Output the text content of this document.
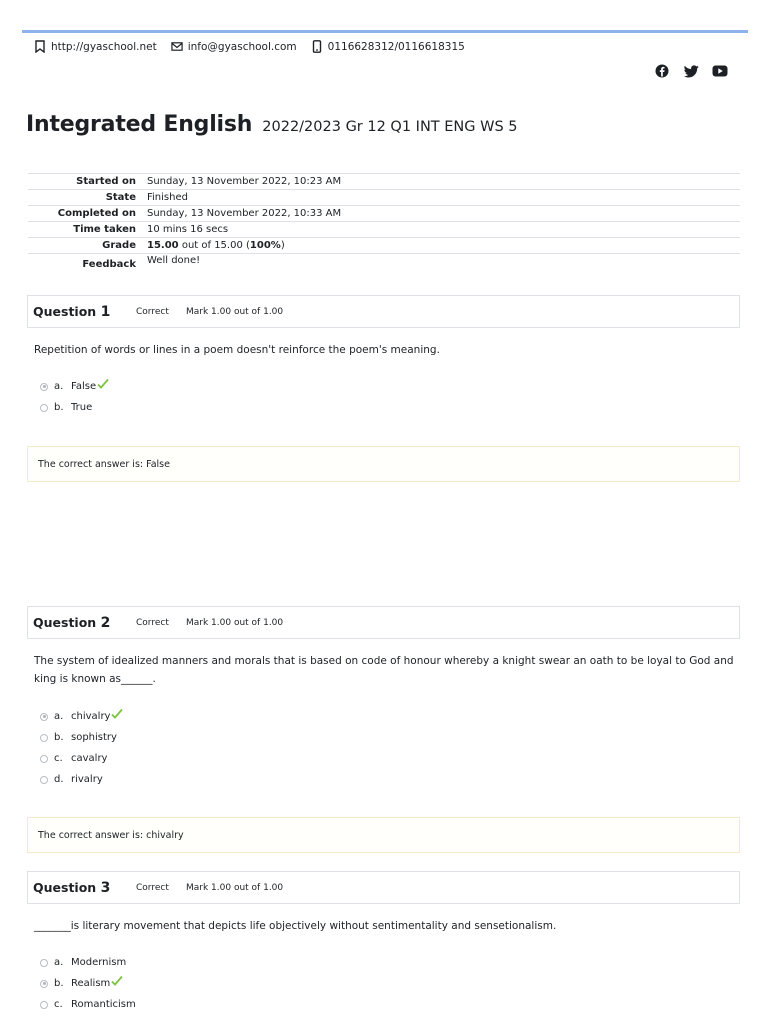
http://gyaschool.net	info@gyaschool.com	0116628312/0116618315
Integrated English 2022/2023 Gr 12 Q1 INT ENG WS 5
Started on	Sunday, 13 November 2022, 10:23 AM
State	Finished
Completed on	Sunday, 13 November 2022, 10:33 AM
Time taken	10 mins 16 secs
Grade	15.00 out of 15.00 (100%)
Feedback	Well done!
Question 1	Correct	Mark 1.00 out of 1.00
Repetition of words or lines in a poem doesn't reinforce the poem's meaning.
a. False
b. True
The correct answer is: False
Question 2	Correct	Mark 1.00 out of 1.00
The system of idealized manners and morals that is based on code of honour whereby a knight swear an oath to be loyal to God and king is known as______.
a. chivalry
b. sophistry
c. cavalry
d. rivalry
The correct answer is: chivalry
Question 3	Correct	Mark 1.00 out of 1.00
_______is literary movement that depicts life objectively without sentimentality and sensetionalism.
a. Modernism
b. Realism
c. Romanticism
